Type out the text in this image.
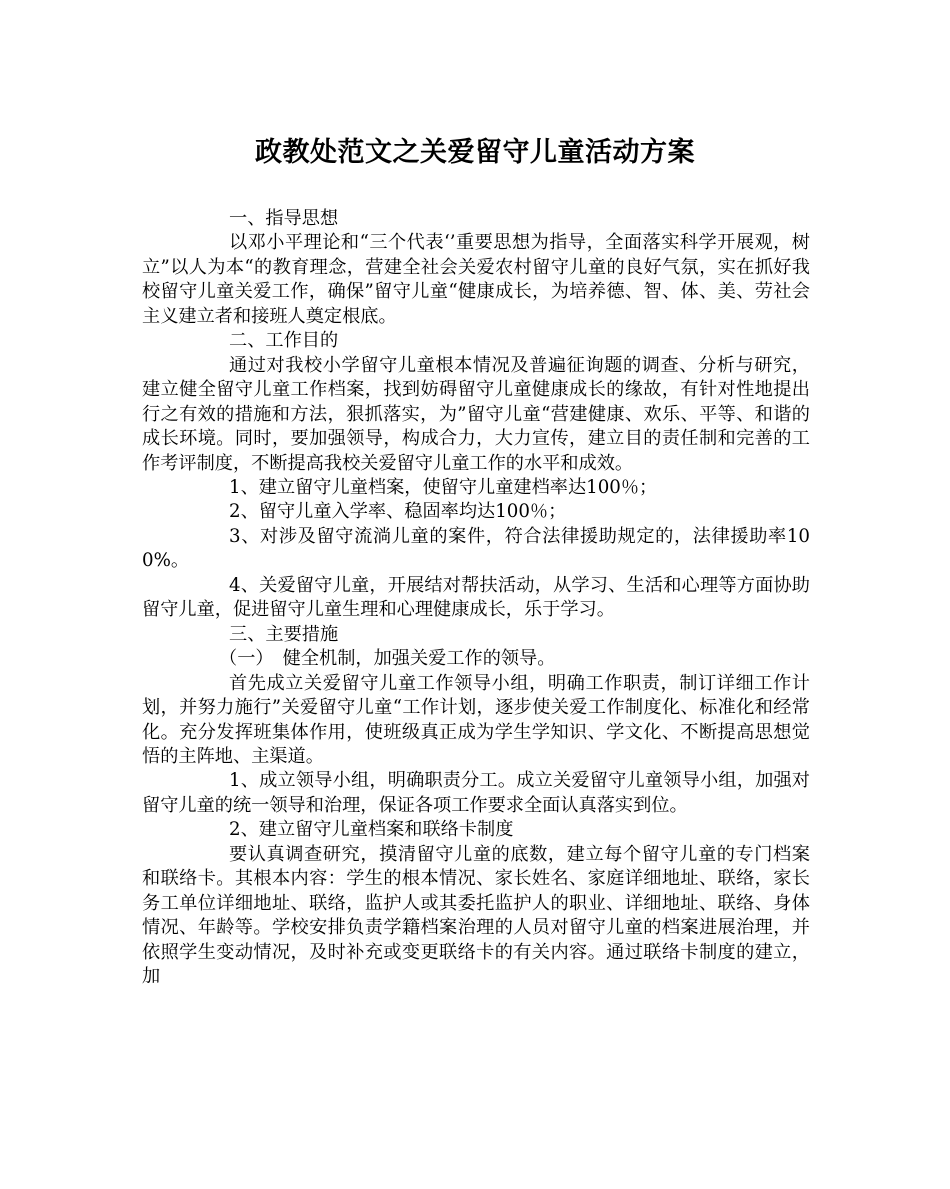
政教处范文之关爱留守儿童活动方案

一、指导思想

以邓小平理论和“三个代表‘’重要思想为指导，全面落实科学开展观，树立”以人为本“的教育理念，营建全社会关爱农村留守儿童的良好气氛，实在抓好我校留守儿童关爱工作，确保”留守儿童“健康成长，为培养德、智、体、美、劳社会主义建立者和接班人奠定根底。

二、工作目的

通过对我校小学留守儿童根本情况及普遍征询题的调查、分析与研究，建立健全留守儿童工作档案，找到妨碍留守儿童健康成长的缘故，有针对性地提出行之有效的措施和方法，狠抓落实，为”留守儿童“营建健康、欢乐、平等、和谐的成长环境。同时，要加强领导，构成合力，大力宣传，建立目的责任制和完善的工作考评制度，不断提高我校关爱留守儿童工作的水平和成效。

1、建立留守儿童档案，使留守儿童建档率达100％；

2、留守儿童入学率、稳固率均达100％；

3、对涉及留守流淌儿童的案件，符合法律援助规定的，法律援助率100%。

4、关爱留守儿童，开展结对帮扶活动，从学习、生活和心理等方面协助留守儿童，促进留守儿童生理和心理健康成长，乐于学习。

三、主要措施

（一）　健全机制，加强关爱工作的领导。

首先成立关爱留守儿童工作领导小组，明确工作职责，制订详细工作计划，并努力施行”关爱留守儿童“工作计划，逐步使关爱工作制度化、标准化和经常化。充分发挥班集体作用，使班级真正成为学生学知识、学文化、不断提高思想觉悟的主阵地、主渠道。

1、成立领导小组，明确职责分工。成立关爱留守儿童领导小组，加强对留守儿童的统一领导和治理，保证各项工作要求全面认真落实到位。

2、建立留守儿童档案和联络卡制度

要认真调查研究，摸清留守儿童的底数，建立每个留守儿童的专门档案和联络卡。其根本内容：学生的根本情况、家长姓名、家庭详细地址、联络，家长务工单位详细地址、联络，监护人或其委托监护人的职业、详细地址、联络、身体情况、年龄等。学校安排负责学籍档案治理的人员对留守儿童的档案进展治理，并依照学生变动情况，及时补充或变更联络卡的有关内容。通过联络卡制度的建立，加
